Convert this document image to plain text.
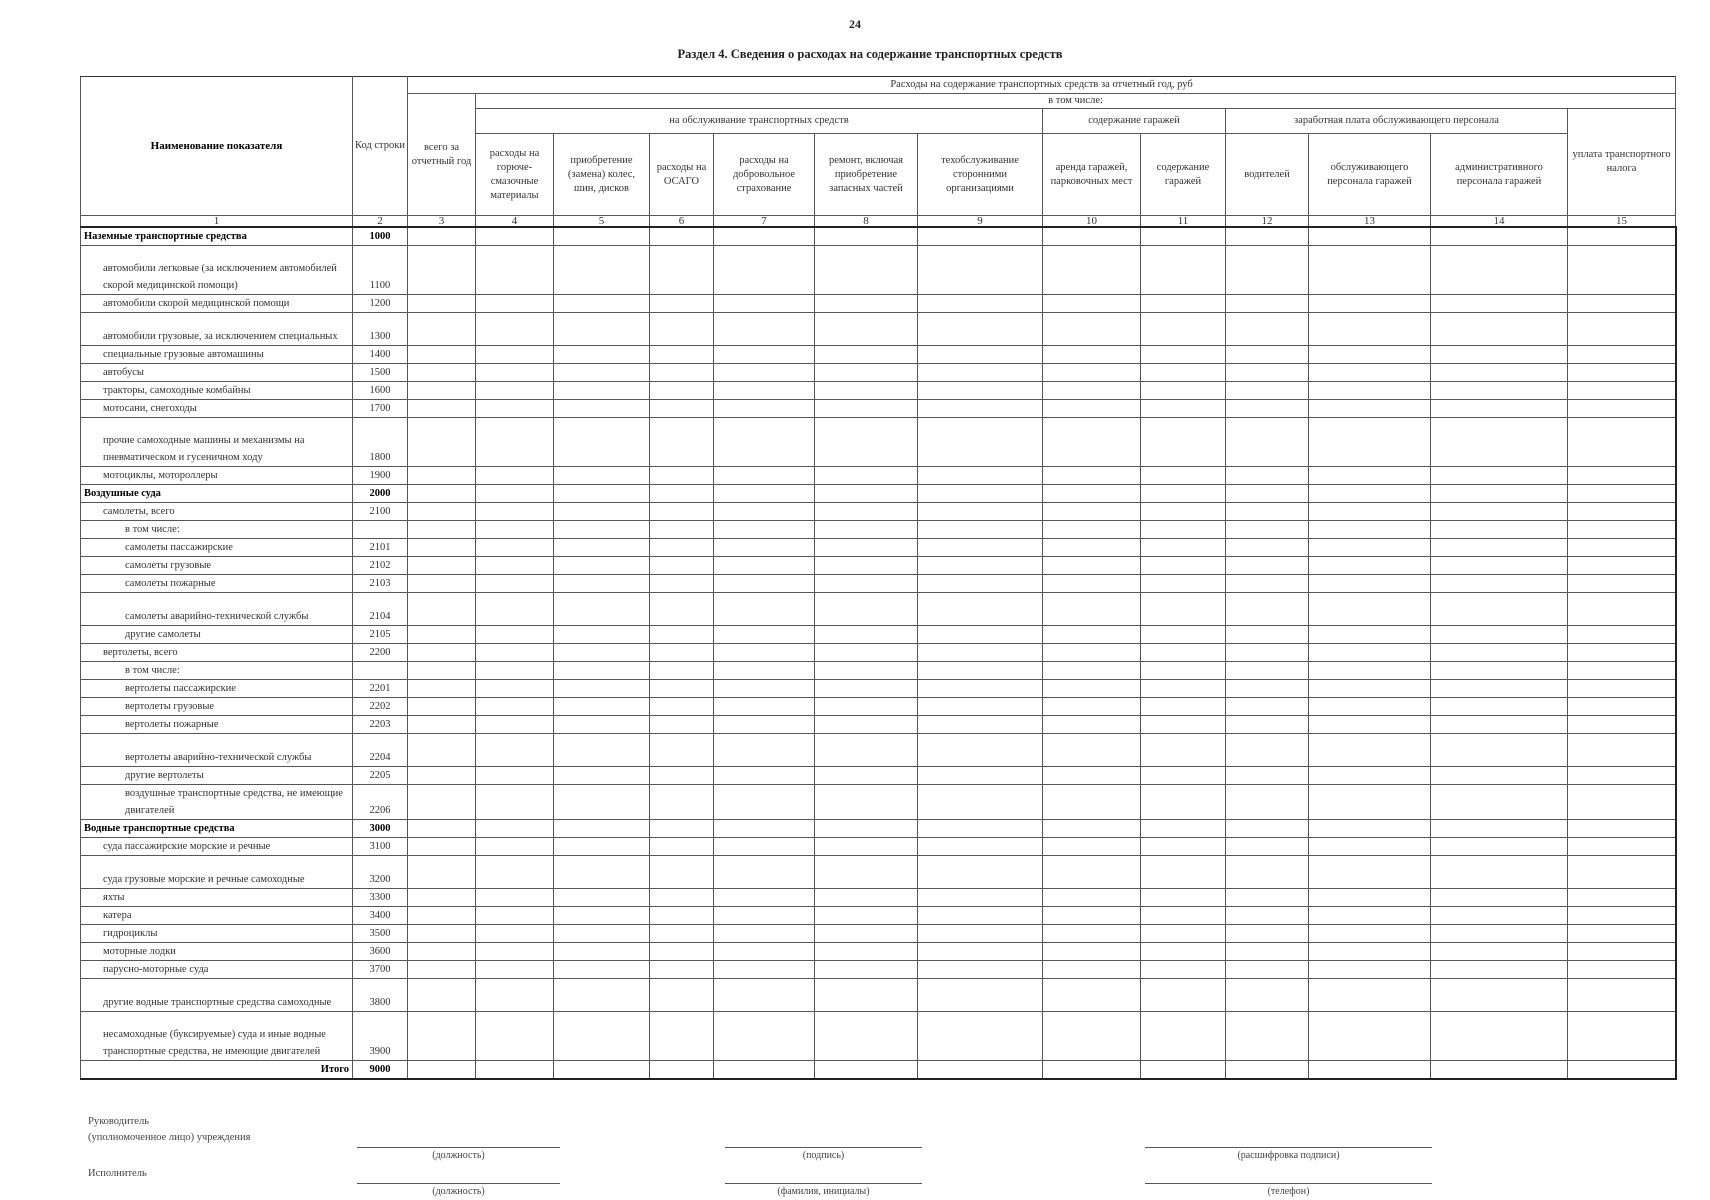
24
Раздел 4. Сведения о расходах на содержание транспортных средств
Наименование показателя	Код строки	Расходы на содержание транспортных средств за отчетный год, руб												
		всего за отчетный год	в том числе:											
			на обслуживание транспортных средств						содержание гаражей		заработная плата обслуживающего персонала			уплата транспортного налога
			расходы на горюче-смазочные материалы	приобретение (замена) колес, шин, дисков	расходы на ОСАГО	расходы на добровольное страхование	ремонт, включая приобретение запасных частей	техобслуживание сторонними организациями	аренда гаражей, парковочных мест	содержание гаражей	водителей	обслуживающего персонала гаражей	административного персонала гаражей	
1	2	3	4	5	6	7	8	9	10	11	12	13	14	15
Наземные транспортные средства	1000													
автомобили легковые (за исключением автомобилей скорой медицинской помощи)	1100													
автомобили скорой медицинской помощи	1200													
автомобили грузовые, за исключением специальных	1300													
специальные грузовые автомашины	1400													
автобусы	1500													
тракторы, самоходные комбайны	1600													
мотосани, снегоходы	1700													
прочие самоходные машины и механизмы на пневматическом и гусеничном ходу	1800													
мотоциклы, мотороллеры	1900													
Воздушные суда	2000													
самолеты, всего	2100													
в том числе:														
самолеты пассажирские	2101													
самолеты грузовые	2102													
самолеты пожарные	2103													
самолеты аварийно-технической службы	2104													
другие самолеты	2105													
вертолеты, всего	2200													
в том числе:														
вертолеты пассажирские	2201													
вертолеты грузовые	2202													
вертолеты пожарные	2203													
вертолеты аварийно-технической службы	2204													
другие вертолеты	2205													
воздушные транспортные средства, не имеющие двигателей	2206													
Водные транспортные средства	3000													
суда пассажирские морские и речные	3100													
суда грузовые морские и речные самоходные	3200													
яхты	3300													
катера	3400													
гидроциклы	3500													
моторные лодки	3600													
парусно-моторные суда	3700													
другие водные транспортные средства самоходные	3800													
несамоходные (буксируемые) суда и иные водные транспортные средства, не имеющие двигателей	3900													
Итого	9000													
Руководитель
(уполномоченное лицо) учреждения
Исполнитель
(должность)	(подпись)	(расшифровка подписи)
(должность)	(фамилия, инициалы)	(телефон)
